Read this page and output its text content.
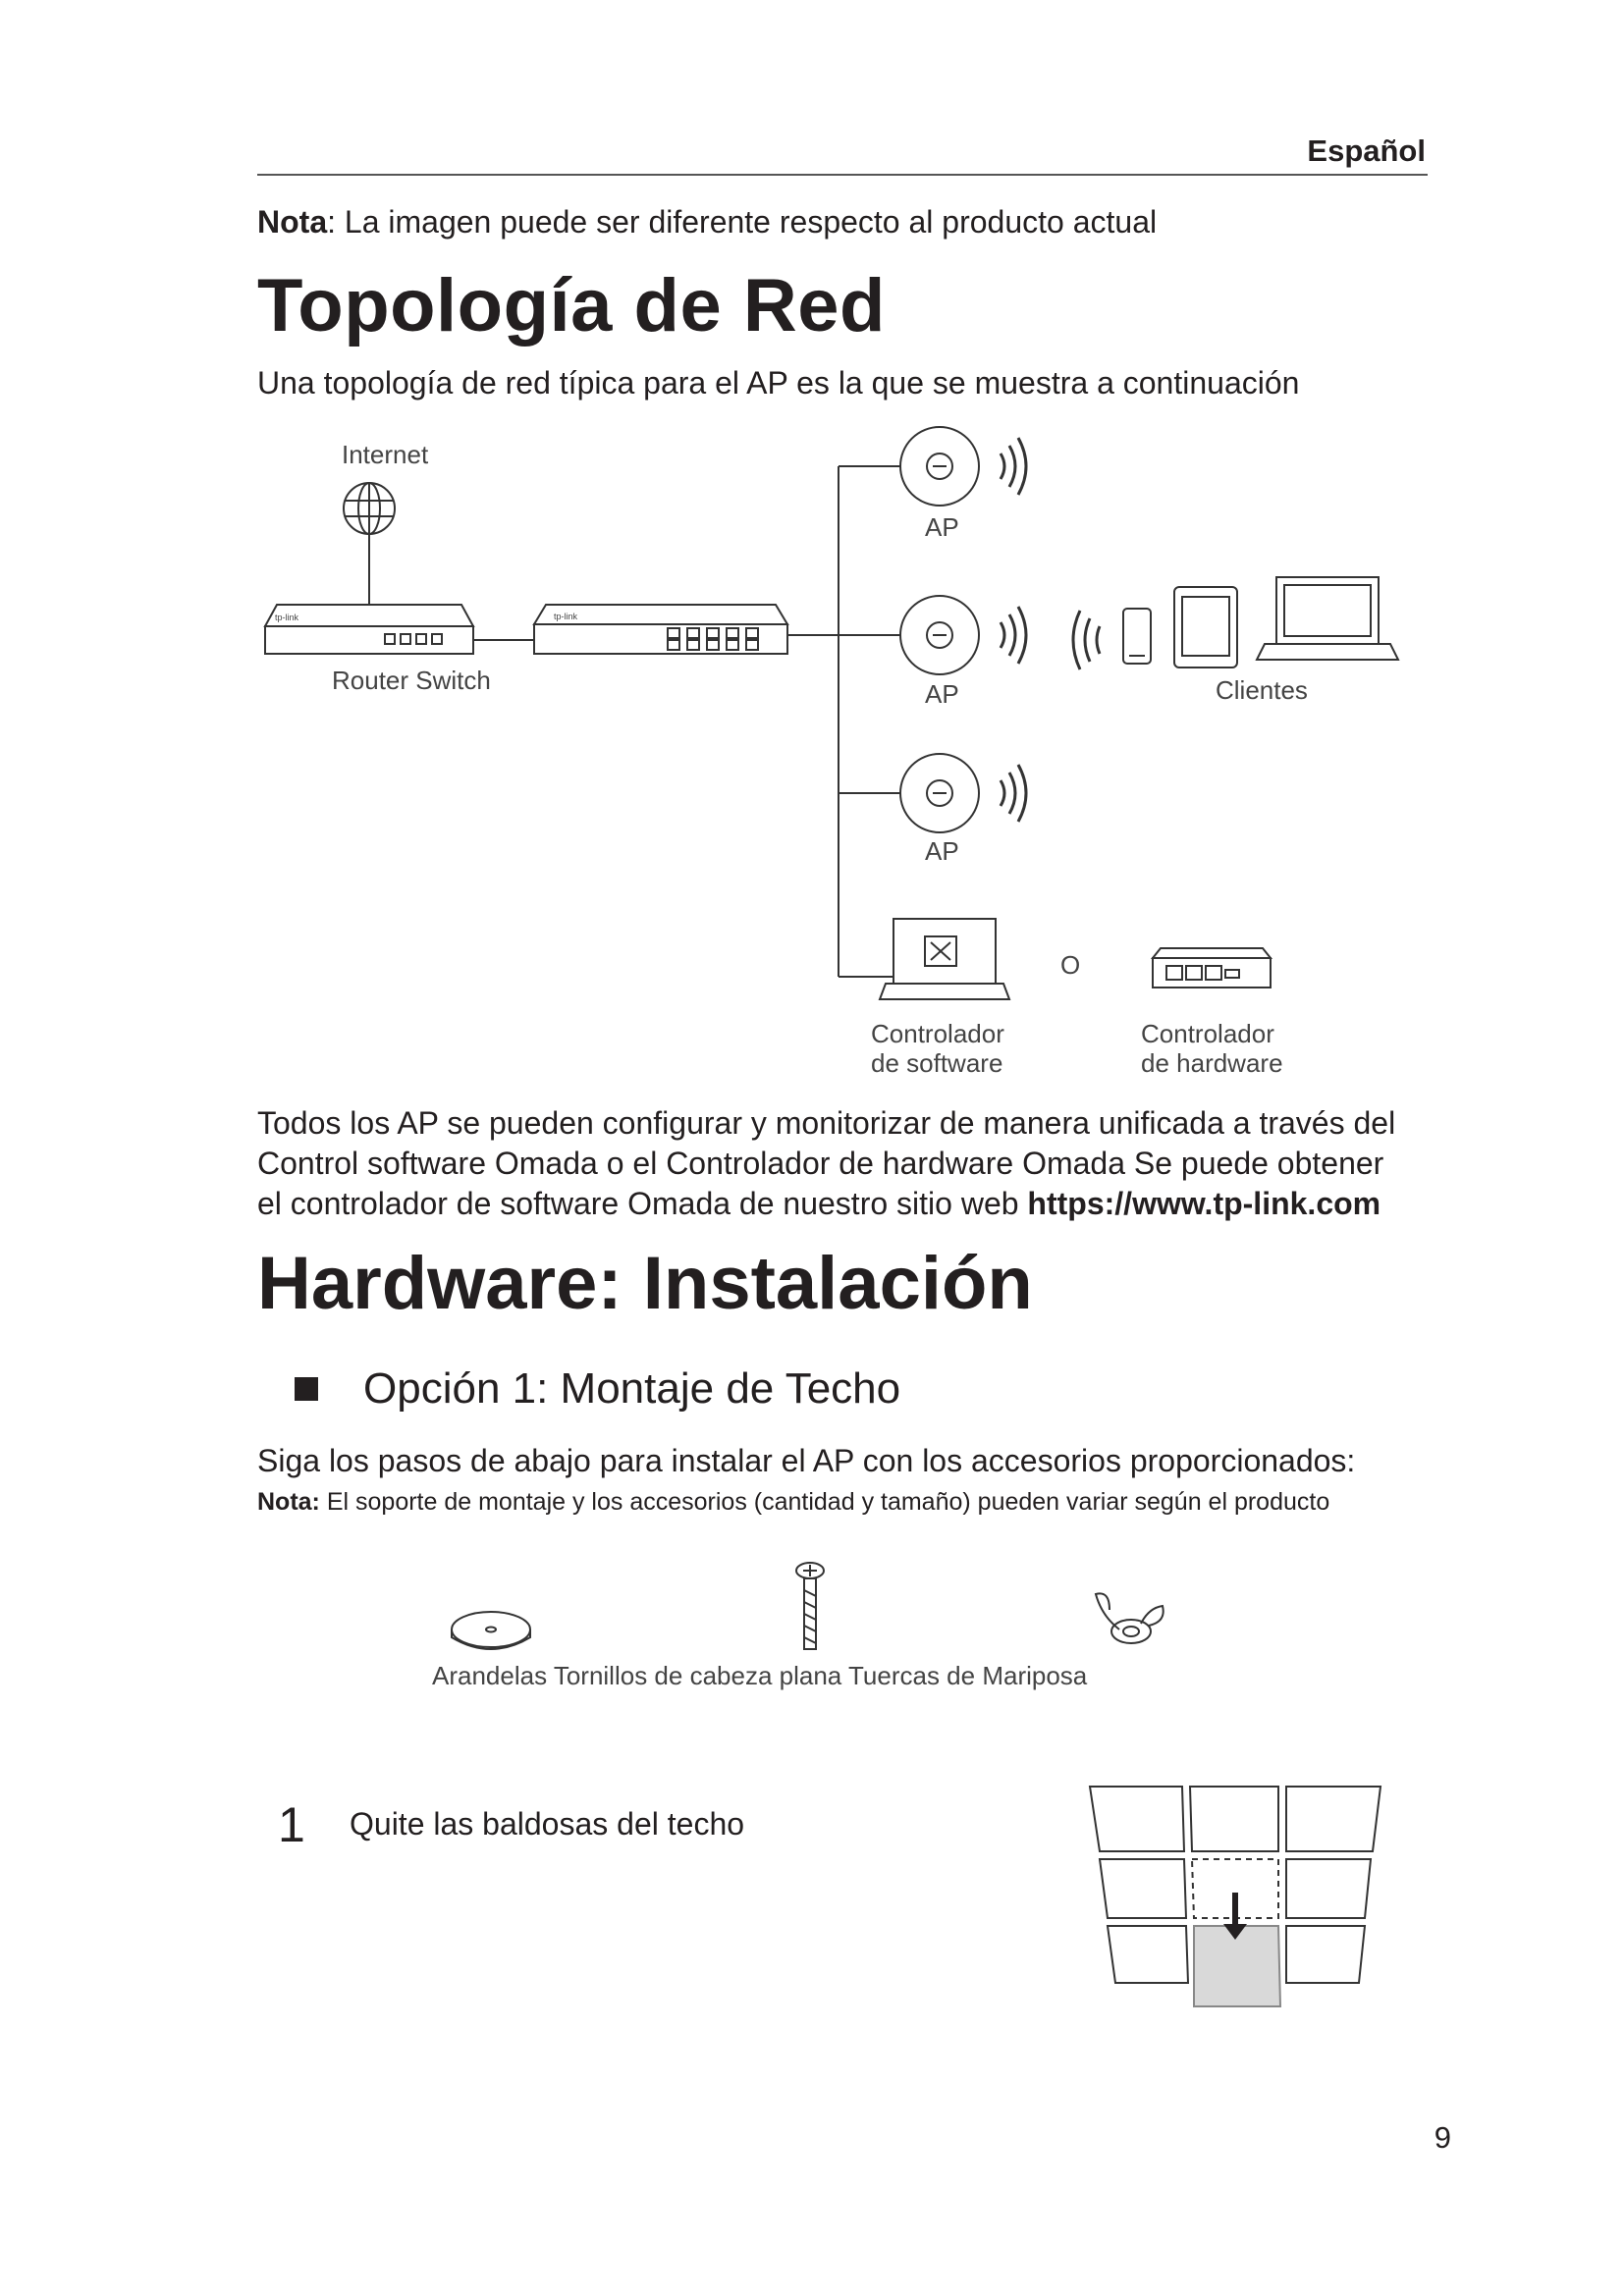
Español
Nota: La imagen puede ser diferente respecto al producto actual
Topología de Red
Una topología de red típica para el AP es la que se muestra a continuación
Internet
Router Switch
AP
AP
AP
Clientes
O
Controlador
de software
Controlador
de hardware
tp-link	tp-link

Todos los AP se pueden configurar y monitorizar de manera unificada a través del

Control software Omada o el Controlador de hardware Omada Se puede obtener

el controlador de software Omada de nuestro sitio web https://www.tp-link.com

Hardware: Instalación
Opción 1: Montaje de Techo
Siga los pasos de abajo para instalar el AP con los accesorios proporcionados:
Nota: El soporte de montaje y los accesorios (cantidad y tamaño) pueden variar según el producto
Arandelas Tornillos de cabeza plana Tuercas de Mariposa
1 Quite las baldosas del techo
9
